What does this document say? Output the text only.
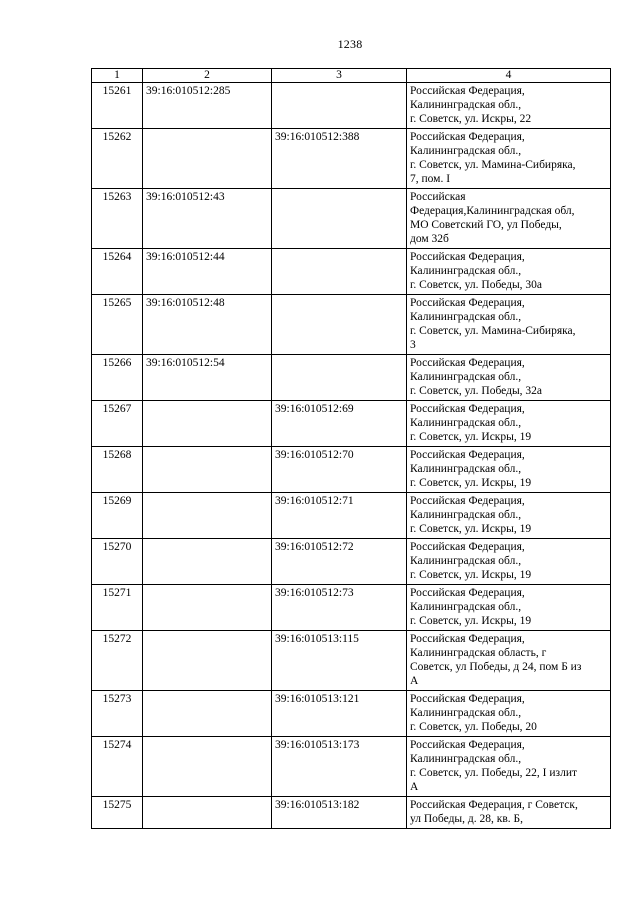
1238
1	2	3	4
15261	39:16:010512:285		Российская Федерация,
Калининградская обл.,
г. Советск, ул. Искры, 22
15262		39:16:010512:388	Российская Федерация,
Калининградская обл.,
г. Советск, ул. Мамина-Сибиряка,
7, пом. I
15263	39:16:010512:43		Российская
Федерация,Калининградская обл,
МО Советский ГО, ул Победы,
дом 32б
15264	39:16:010512:44		Российская Федерация,
Калининградская обл.,
г. Советск, ул. Победы, 30а
15265	39:16:010512:48		Российская Федерация,
Калининградская обл.,
г. Советск, ул. Мамина-Сибиряка,
3
15266	39:16:010512:54		Российская Федерация,
Калининградская обл.,
г. Советск, ул. Победы, 32а
15267		39:16:010512:69	Российская Федерация,
Калининградская обл.,
г. Советск, ул. Искры, 19
15268		39:16:010512:70	Российская Федерация,
Калининградская обл.,
г. Советск, ул. Искры, 19
15269		39:16:010512:71	Российская Федерация,
Калининградская обл.,
г. Советск, ул. Искры, 19
15270		39:16:010512:72	Российская Федерация,
Калининградская обл.,
г. Советск, ул. Искры, 19
15271		39:16:010512:73	Российская Федерация,
Калининградская обл.,
г. Советск, ул. Искры, 19
15272		39:16:010513:115	Российская Федерация,
Калининградская область, г
Советск, ул Победы, д 24, пом Б из
А
15273		39:16:010513:121	Российская Федерация,
Калининградская обл.,
г. Советск, ул. Победы, 20
15274		39:16:010513:173	Российская Федерация,
Калининградская обл.,
г. Советск, ул. Победы, 22, I излит
А
15275		39:16:010513:182	Российская Федерация, г Советск,
ул Победы, д. 28, кв. Б,
